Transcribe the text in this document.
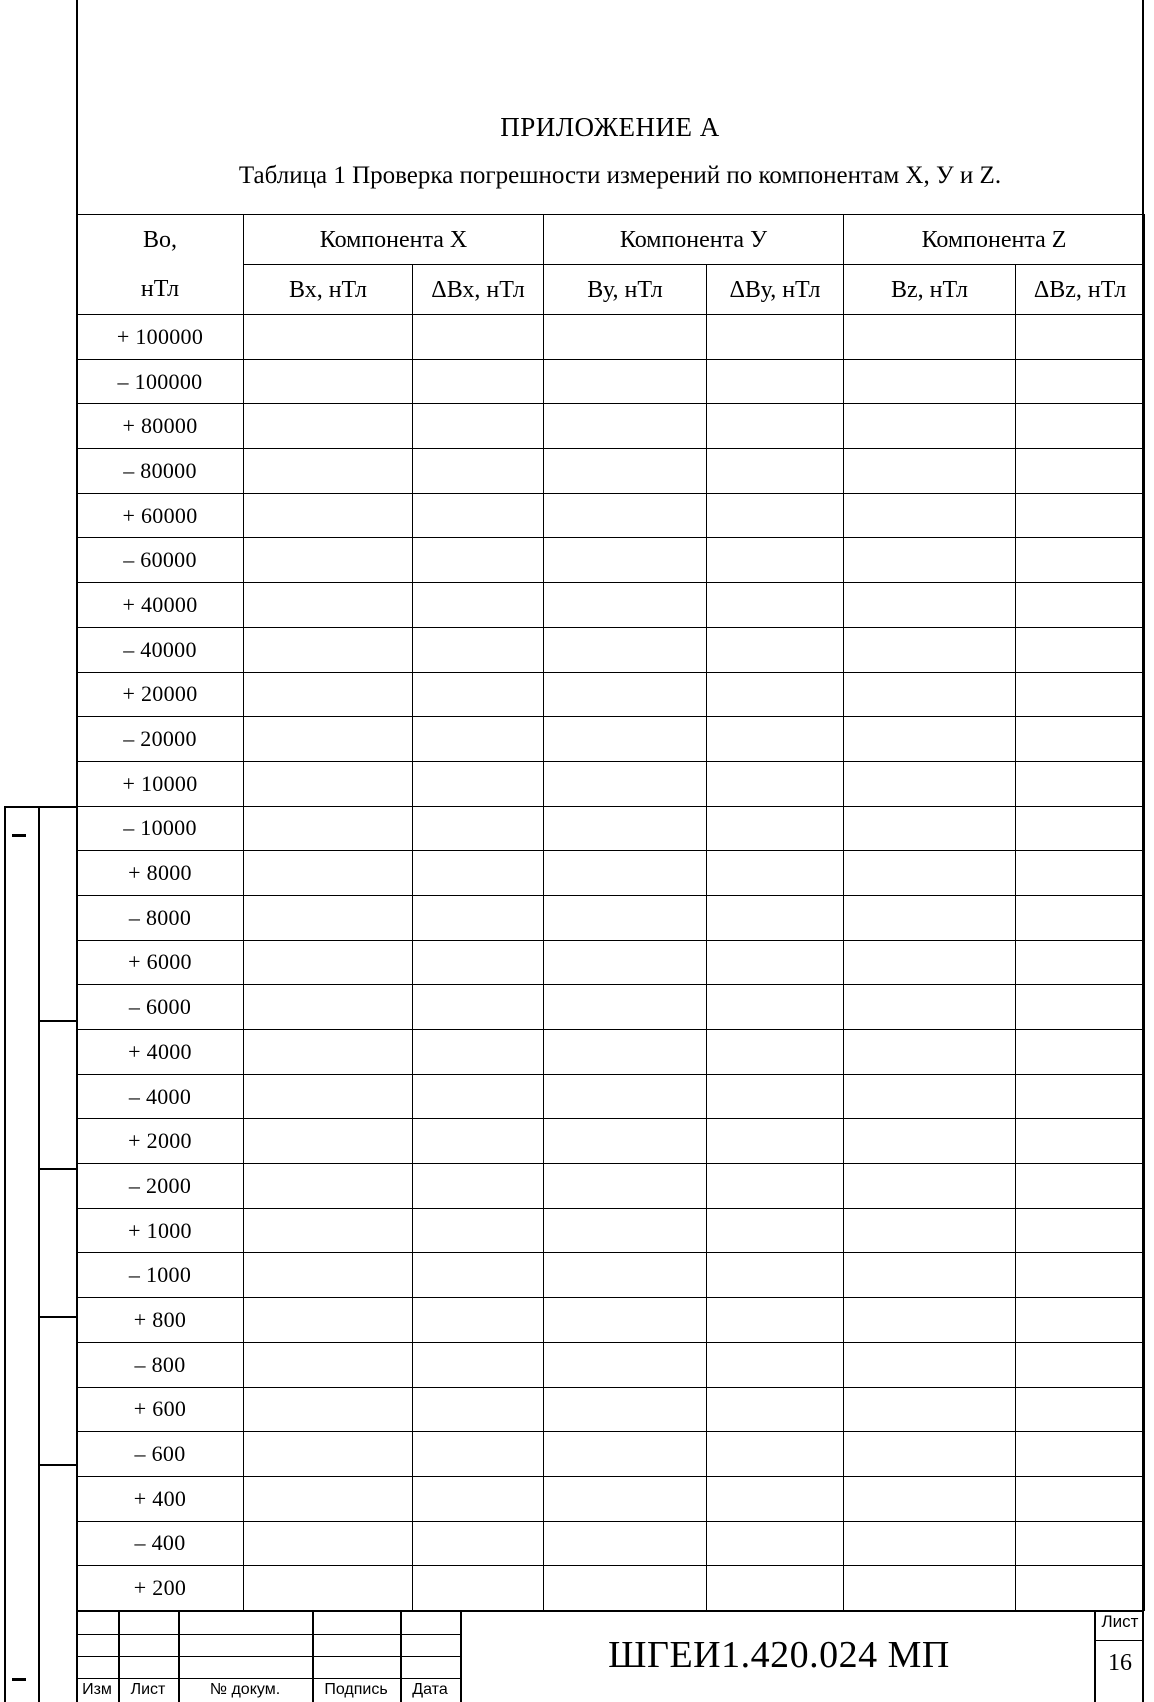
ПРИЛОЖЕНИЕ А
Таблица 1 Проверка погрешности измерений по компонентам X, У и Z.
Во,	Компонента X		Компонента У		Компонента Z	
нТл	Вх, нТл	ΔВх, нТл	Ву, нТл	ΔВу, нТл	Вz, нТл	ΔВz, нТл
+ 100000						
– 100000						
+ 80000						
– 80000						
+ 60000						
– 60000						
+ 40000						
– 40000						
+ 20000						
– 20000						
+ 10000						
– 10000						
+ 8000						
– 8000						
+ 6000						
– 6000						
+ 4000						
– 4000						
+ 2000						
– 2000						
+ 1000						
– 1000						
+ 800						
– 800						
+ 600						
– 600						
+ 400						
– 400						
+ 200						
Изм	Лист	№ докум.	Подпись	Дата
ШГЕИ1.420.024 МП
Лист
16
